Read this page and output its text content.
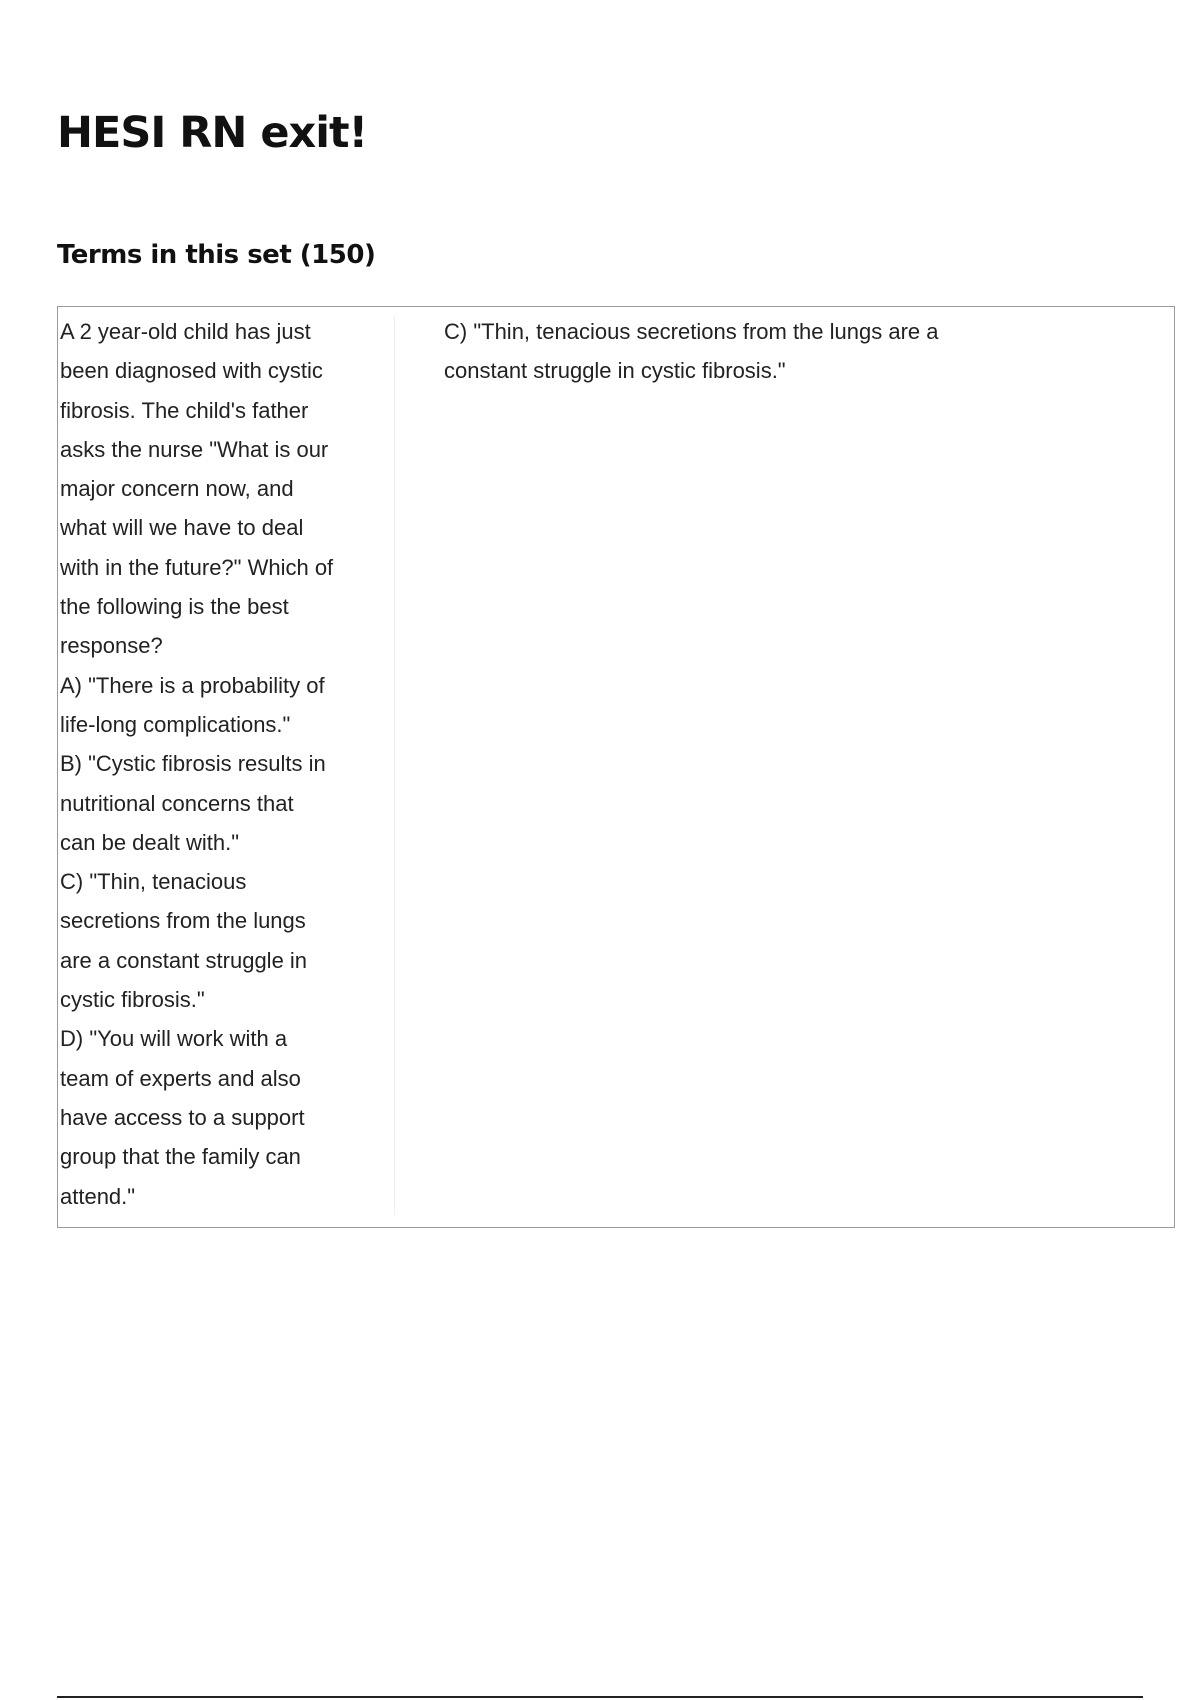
HESI RN exit!
Terms in this set (150)
A 2 year-old child has just
been diagnosed with cystic
fibrosis. The child's father
asks the nurse "What is our
major concern now, and
what will we have to deal
with in the future?" Which of
the following is the best
response?
A) "There is a probability of
life-long complications."
B) "Cystic fibrosis results in
nutritional concerns that
can be dealt with."
C) "Thin, tenacious
secretions from the lungs
are a constant struggle in
cystic fibrosis."
D) "You will work with a
team of experts and also
have access to a support
group that the family can
attend."
C) "Thin, tenacious secretions from the lungs are a
constant struggle in cystic fibrosis."
